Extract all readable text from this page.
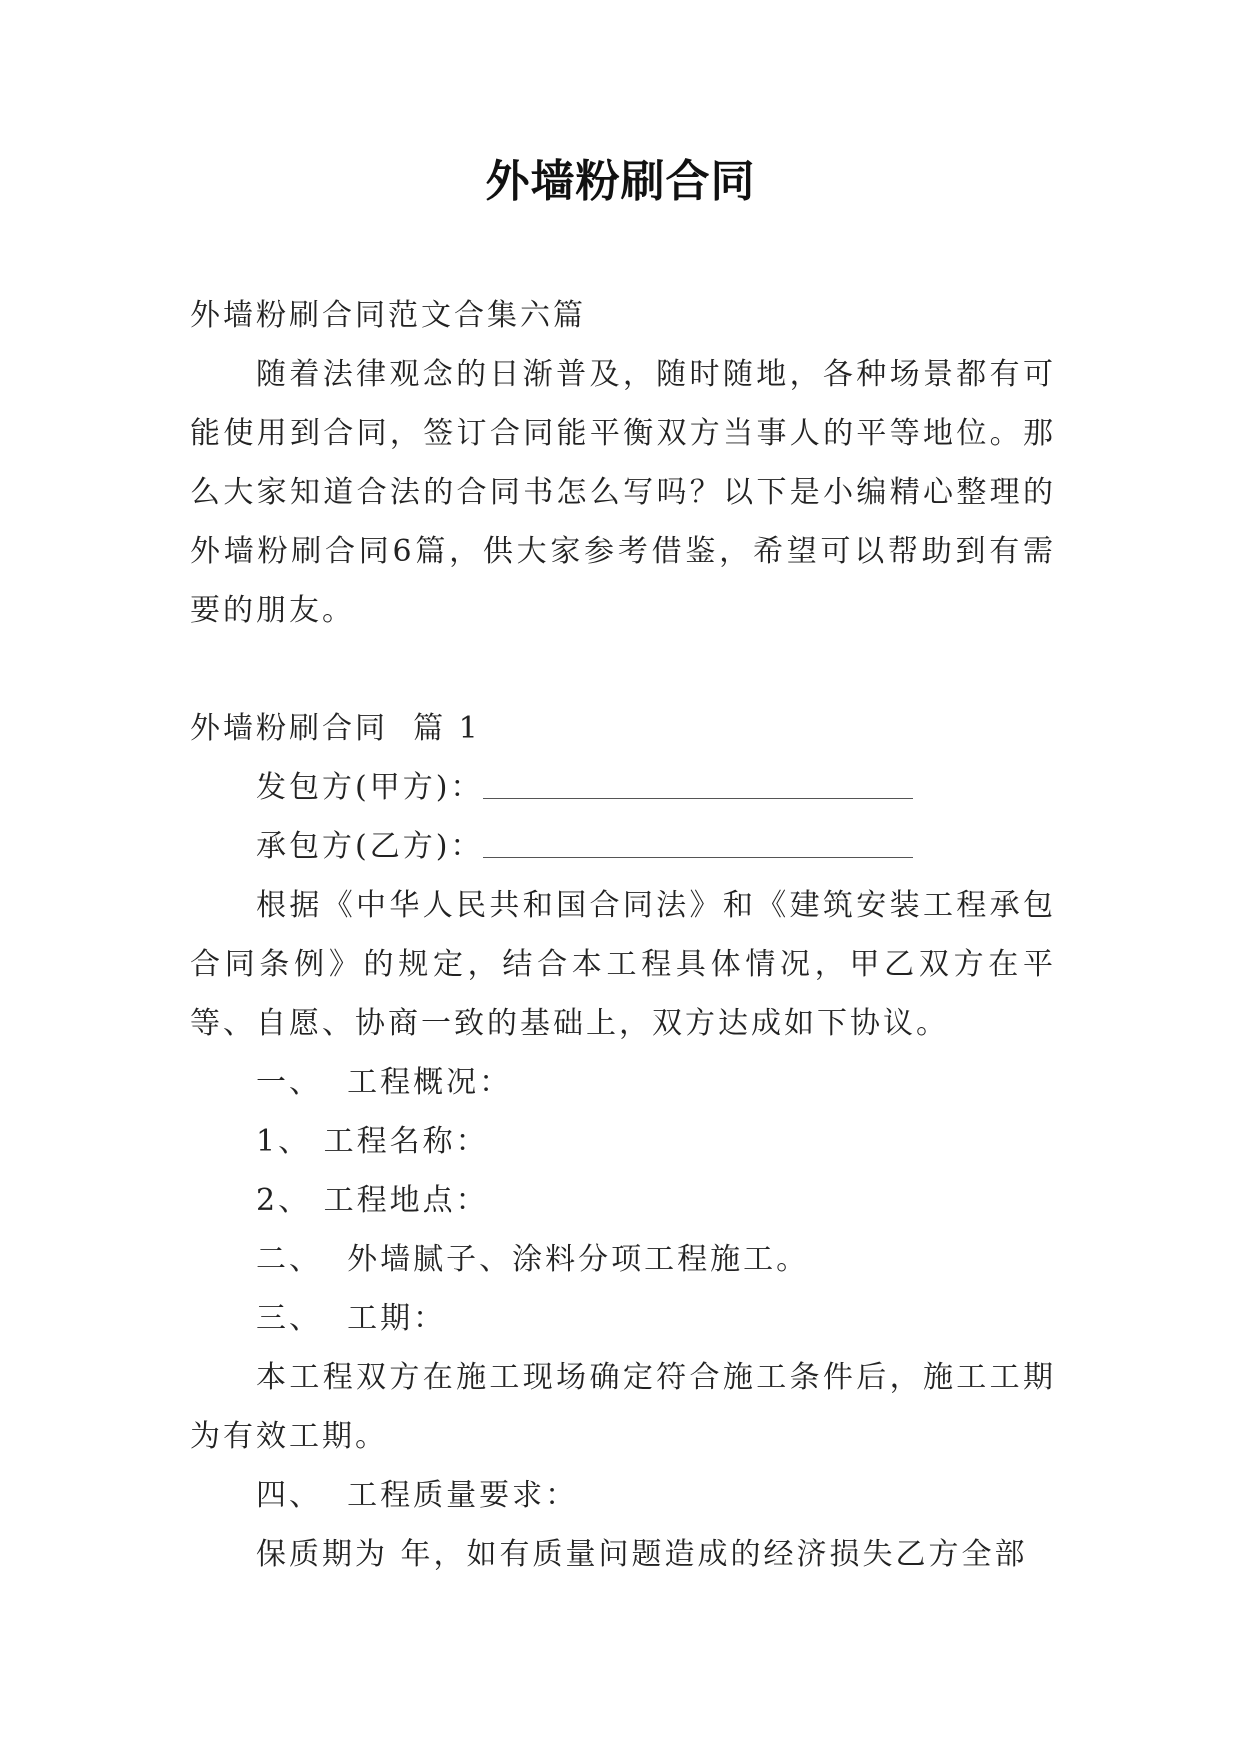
外墙粉刷合同

外墙粉刷合同范文合集六篇

随着法律观念的日渐普及，随时随地，各种场景都有可能使用到合同，签订合同能平衡双方当事人的平等地位。那么大家知道合法的合同书怎么写吗？以下是小编精心整理的外墙粉刷合同6篇，供大家参考借鉴，希望可以帮助到有需要的朋友。

外墙粉刷合同  篇 1

发包方(甲方)：

承包方(乙方)：

根据《中华人民共和国合同法》和《建筑安装工程承包合同条例》的规定，结合本工程具体情况，甲乙双方在平等、自愿、协商一致的基础上，双方达成如下协议。

一、  工程概况：

1、 工程名称：

2、 工程地点：

二、  外墙腻子、涂料分项工程施工。

三、  工期：

本工程双方在施工现场确定符合施工条件后，施工工期为有效工期。

四、  工程质量要求：

保质期为 年，如有质量问题造成的经济损失乙方全部
